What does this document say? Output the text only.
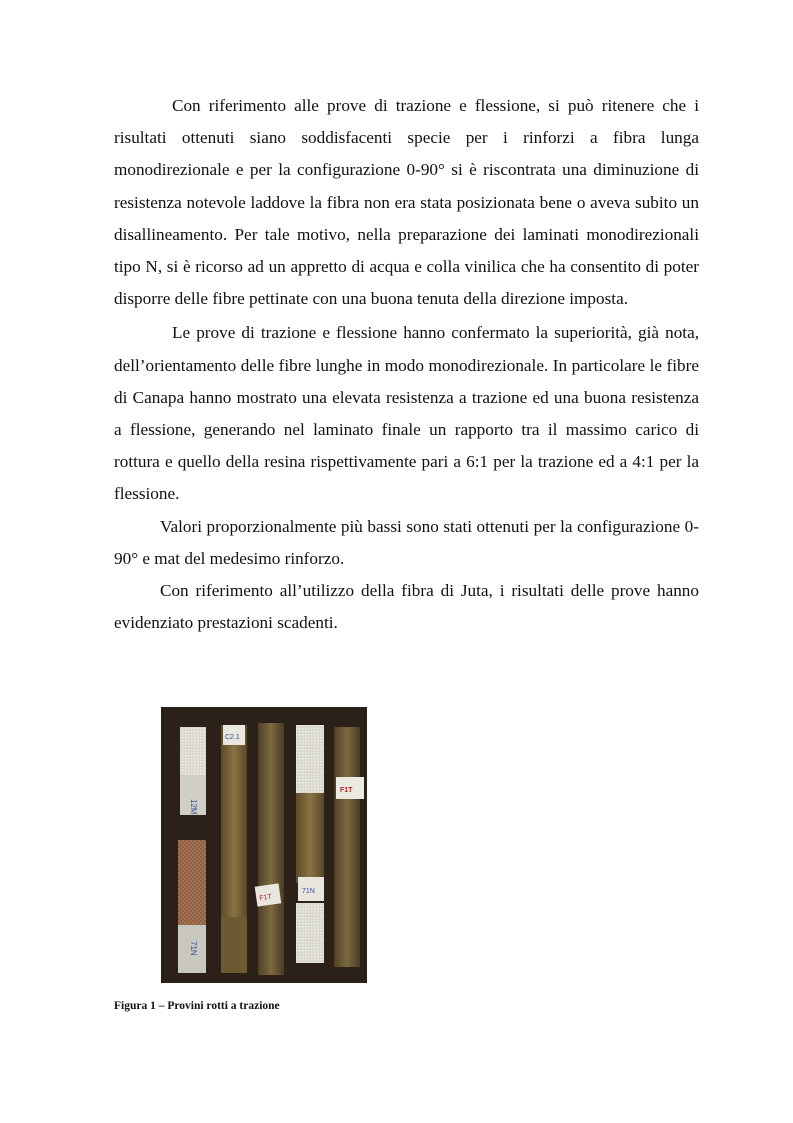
Con riferimento alle prove di trazione e flessione, si può ritenere che i risultati ottenuti siano soddisfacenti specie per i rinforzi a fibra lunga monodirezionale e per la configurazione 0-90° si è riscontrata una diminuzione di resistenza notevole laddove la fibra non era stata posizionata bene o aveva subito un disallineamento. Per tale motivo, nella preparazione dei laminati monodirezionali tipo N, si è ricorso ad un appretto di acqua e colla vinilica che ha consentito di poter disporre delle fibre pettinate con una buona tenuta della direzione imposta.

Le prove di trazione e flessione hanno confermato la superiorità, già nota, dell’orientamento delle fibre lunghe in modo monodirezionale. In particolare le fibre di Canapa hanno mostrato una elevata resistenza a trazione ed una buona resistenza a flessione, generando nel laminato finale un rapporto tra il massimo carico di rottura e quello della resina rispettivamente pari a 6:1 per la trazione ed a 4:1 per la flessione.

Valori proporzionalmente più bassi sono stati ottenuti per la configurazione 0-90° e mat del medesimo rinforzo.

Con riferimento all’utilizzo della fibra di Juta, i risultati delle prove hanno evidenziato prestazioni scadenti.

12M
71N
C2.1
F1T
71N
F1T
Figura 1 – Provini rotti a trazione
